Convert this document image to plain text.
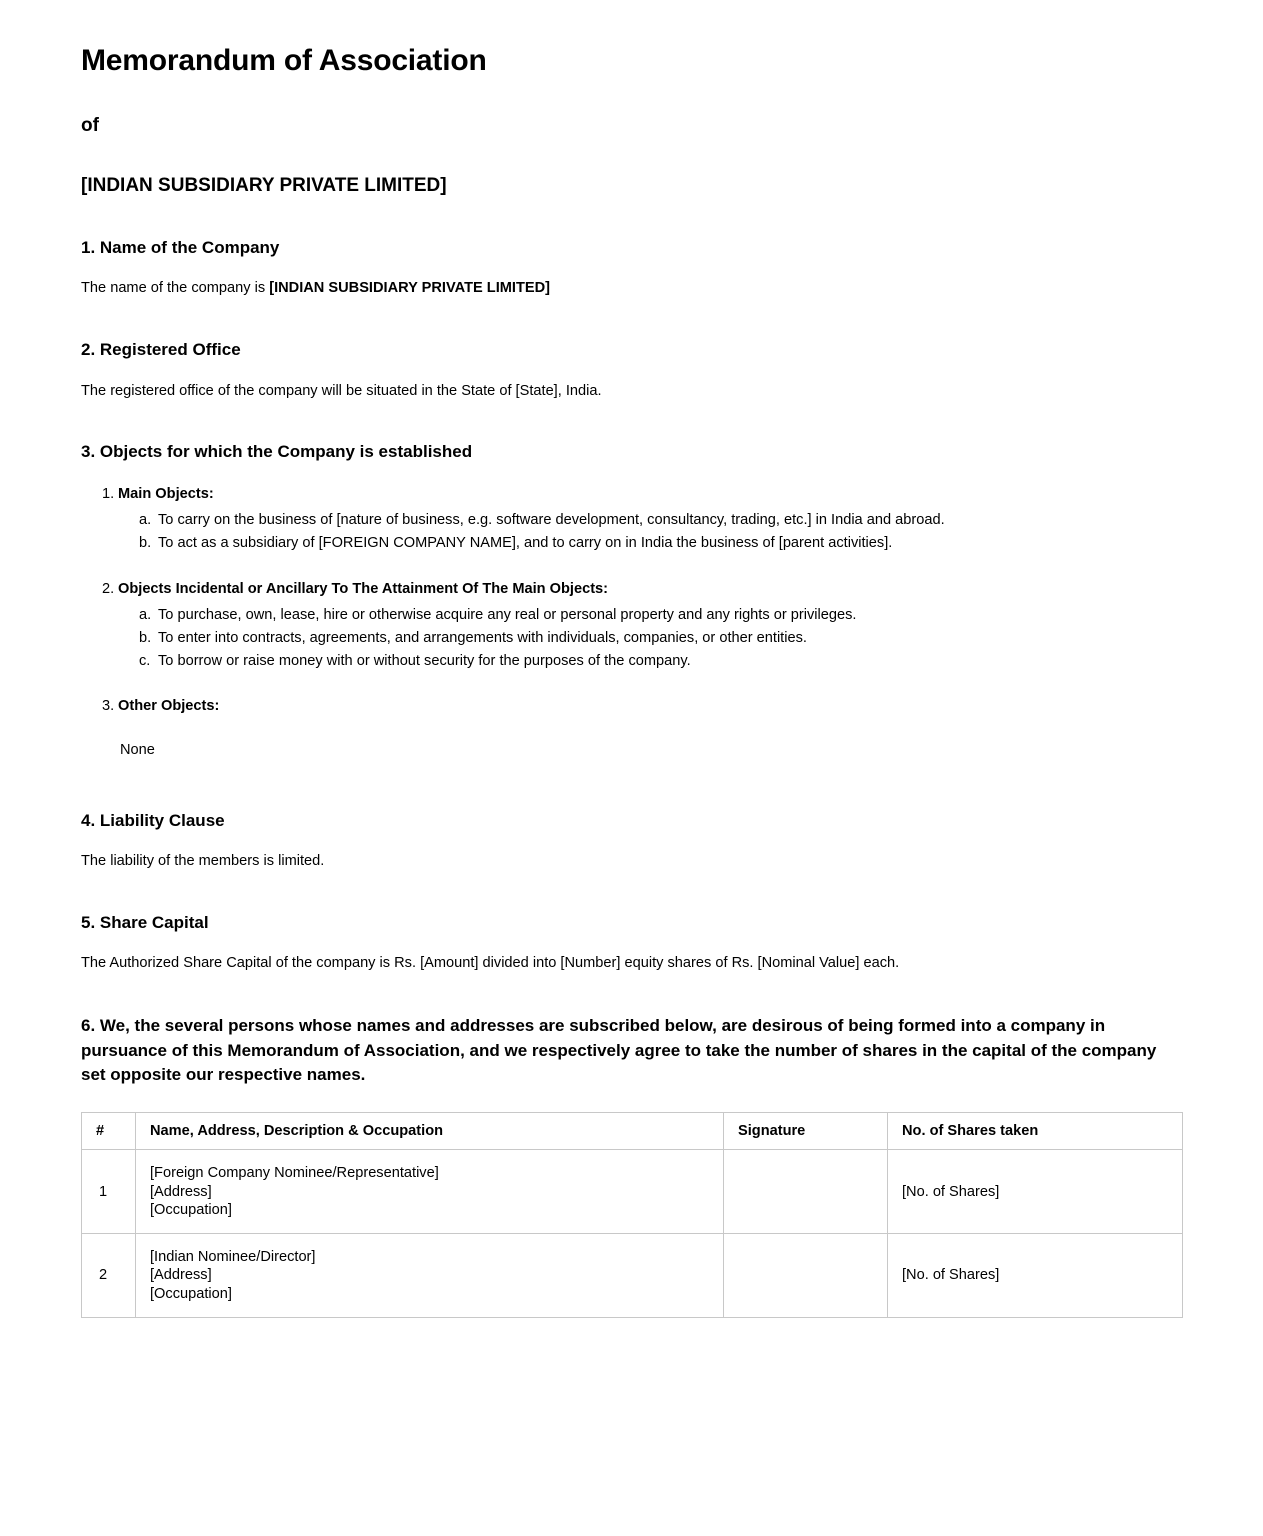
Memorandum of Association
of
[INDIAN SUBSIDIARY PRIVATE LIMITED]
1. Name of the Company

The name of the company is [INDIAN SUBSIDIARY PRIVATE LIMITED]

2. Registered Office

The registered office of the company will be situated in the State of [State], India.

3. Objects for which the Company is established
1. Main Objects:
a. To carry on the business of [nature of business, e.g. software development, consultancy, trading, etc.] in India and abroad.
b. To act as a subsidiary of [FOREIGN COMPANY NAME], and to carry on in India the business of [parent activities].
2. Objects Incidental or Ancillary To The Attainment Of The Main Objects:
a. To purchase, own, lease, hire or otherwise acquire any real or personal property and any rights or privileges.
b. To enter into contracts, agreements, and arrangements with individuals, companies, or other entities.
c. To borrow or raise money with or without security for the purposes of the company.
3. Other Objects:
None
4. Liability Clause

The liability of the members is limited.

5. Share Capital

The Authorized Share Capital of the company is Rs. [Amount] divided into [Number] equity shares of Rs. [Nominal Value] each.

6. We, the several persons whose names and addresses are subscribed below, are desirous of being formed into a company in pursuance of this Memorandum of Association, and we respectively agree to take the number of shares in the capital of the company set opposite our respective names.
#	Name, Address, Description & Occupation	Signature	No. of Shares taken
1	[Foreign Company Nominee/Representative]
[Address]
[Occupation]		[No. of Shares]
2	[Indian Nominee/Director]
[Address]
[Occupation]		[No. of Shares]
